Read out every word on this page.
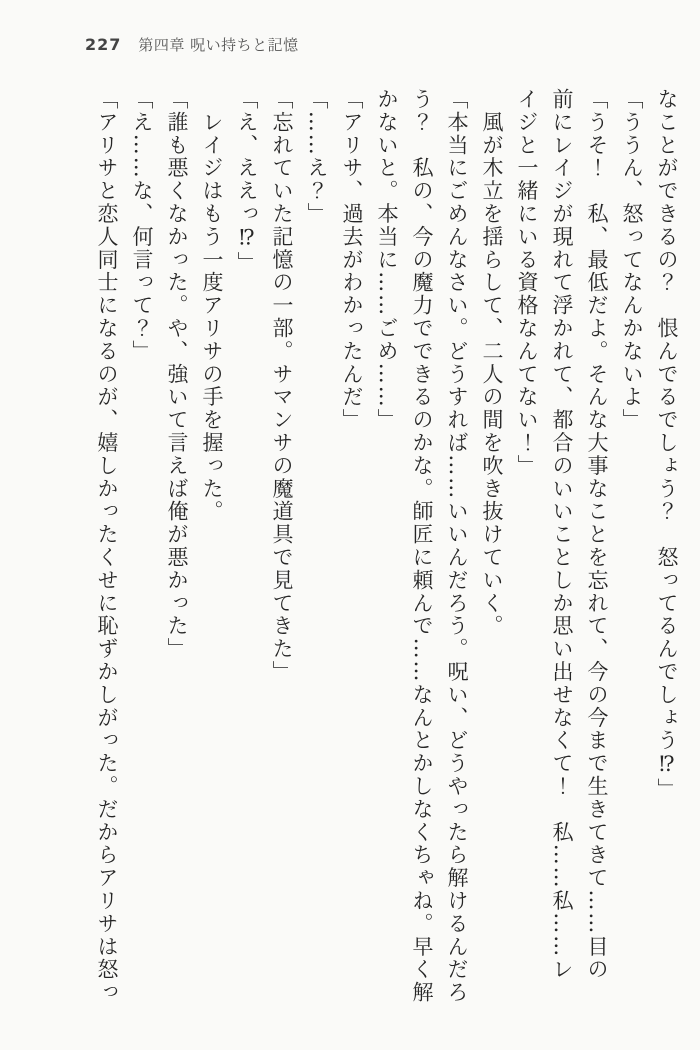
227 第四章 呪い持ちと記憶

なことができるの？　恨んでるでしょう？　怒ってるんでしょう⁉」

「ううん、怒ってなんかないよ」

「うそ！　私、最低だよ。そんな大事なことを忘れて、今の今まで生きてきて……目の

前にレイジが現れて浮かれて、都合のいいことしか思い出せなくて！　私……私……レ

イジと一緒にいる資格なんてない！」

　風が木立を揺らして、二人の間を吹き抜けていく。

「本当にごめんなさい。どうすれば……いいんだろう。呪い、どうやったら解けるんだろ

う？　私の、今の魔力でできるのかな。師匠に頼んで……なんとかしなくちゃね。早く解

かないと。本当に……ごめ……」

「アリサ、過去がわかったんだ」

「……え？」

「忘れていた記憶の一部。サマンサの魔道具で見てきた」

「え、ええっ⁉」

　レイジはもう一度アリサの手を握った。

「誰も悪くなかった。や、強いて言えば俺が悪かった」

「え……な、何言って？」

「アリサと恋人同士になるのが、嬉しかったくせに恥ずかしがった。だからアリサは怒っ
